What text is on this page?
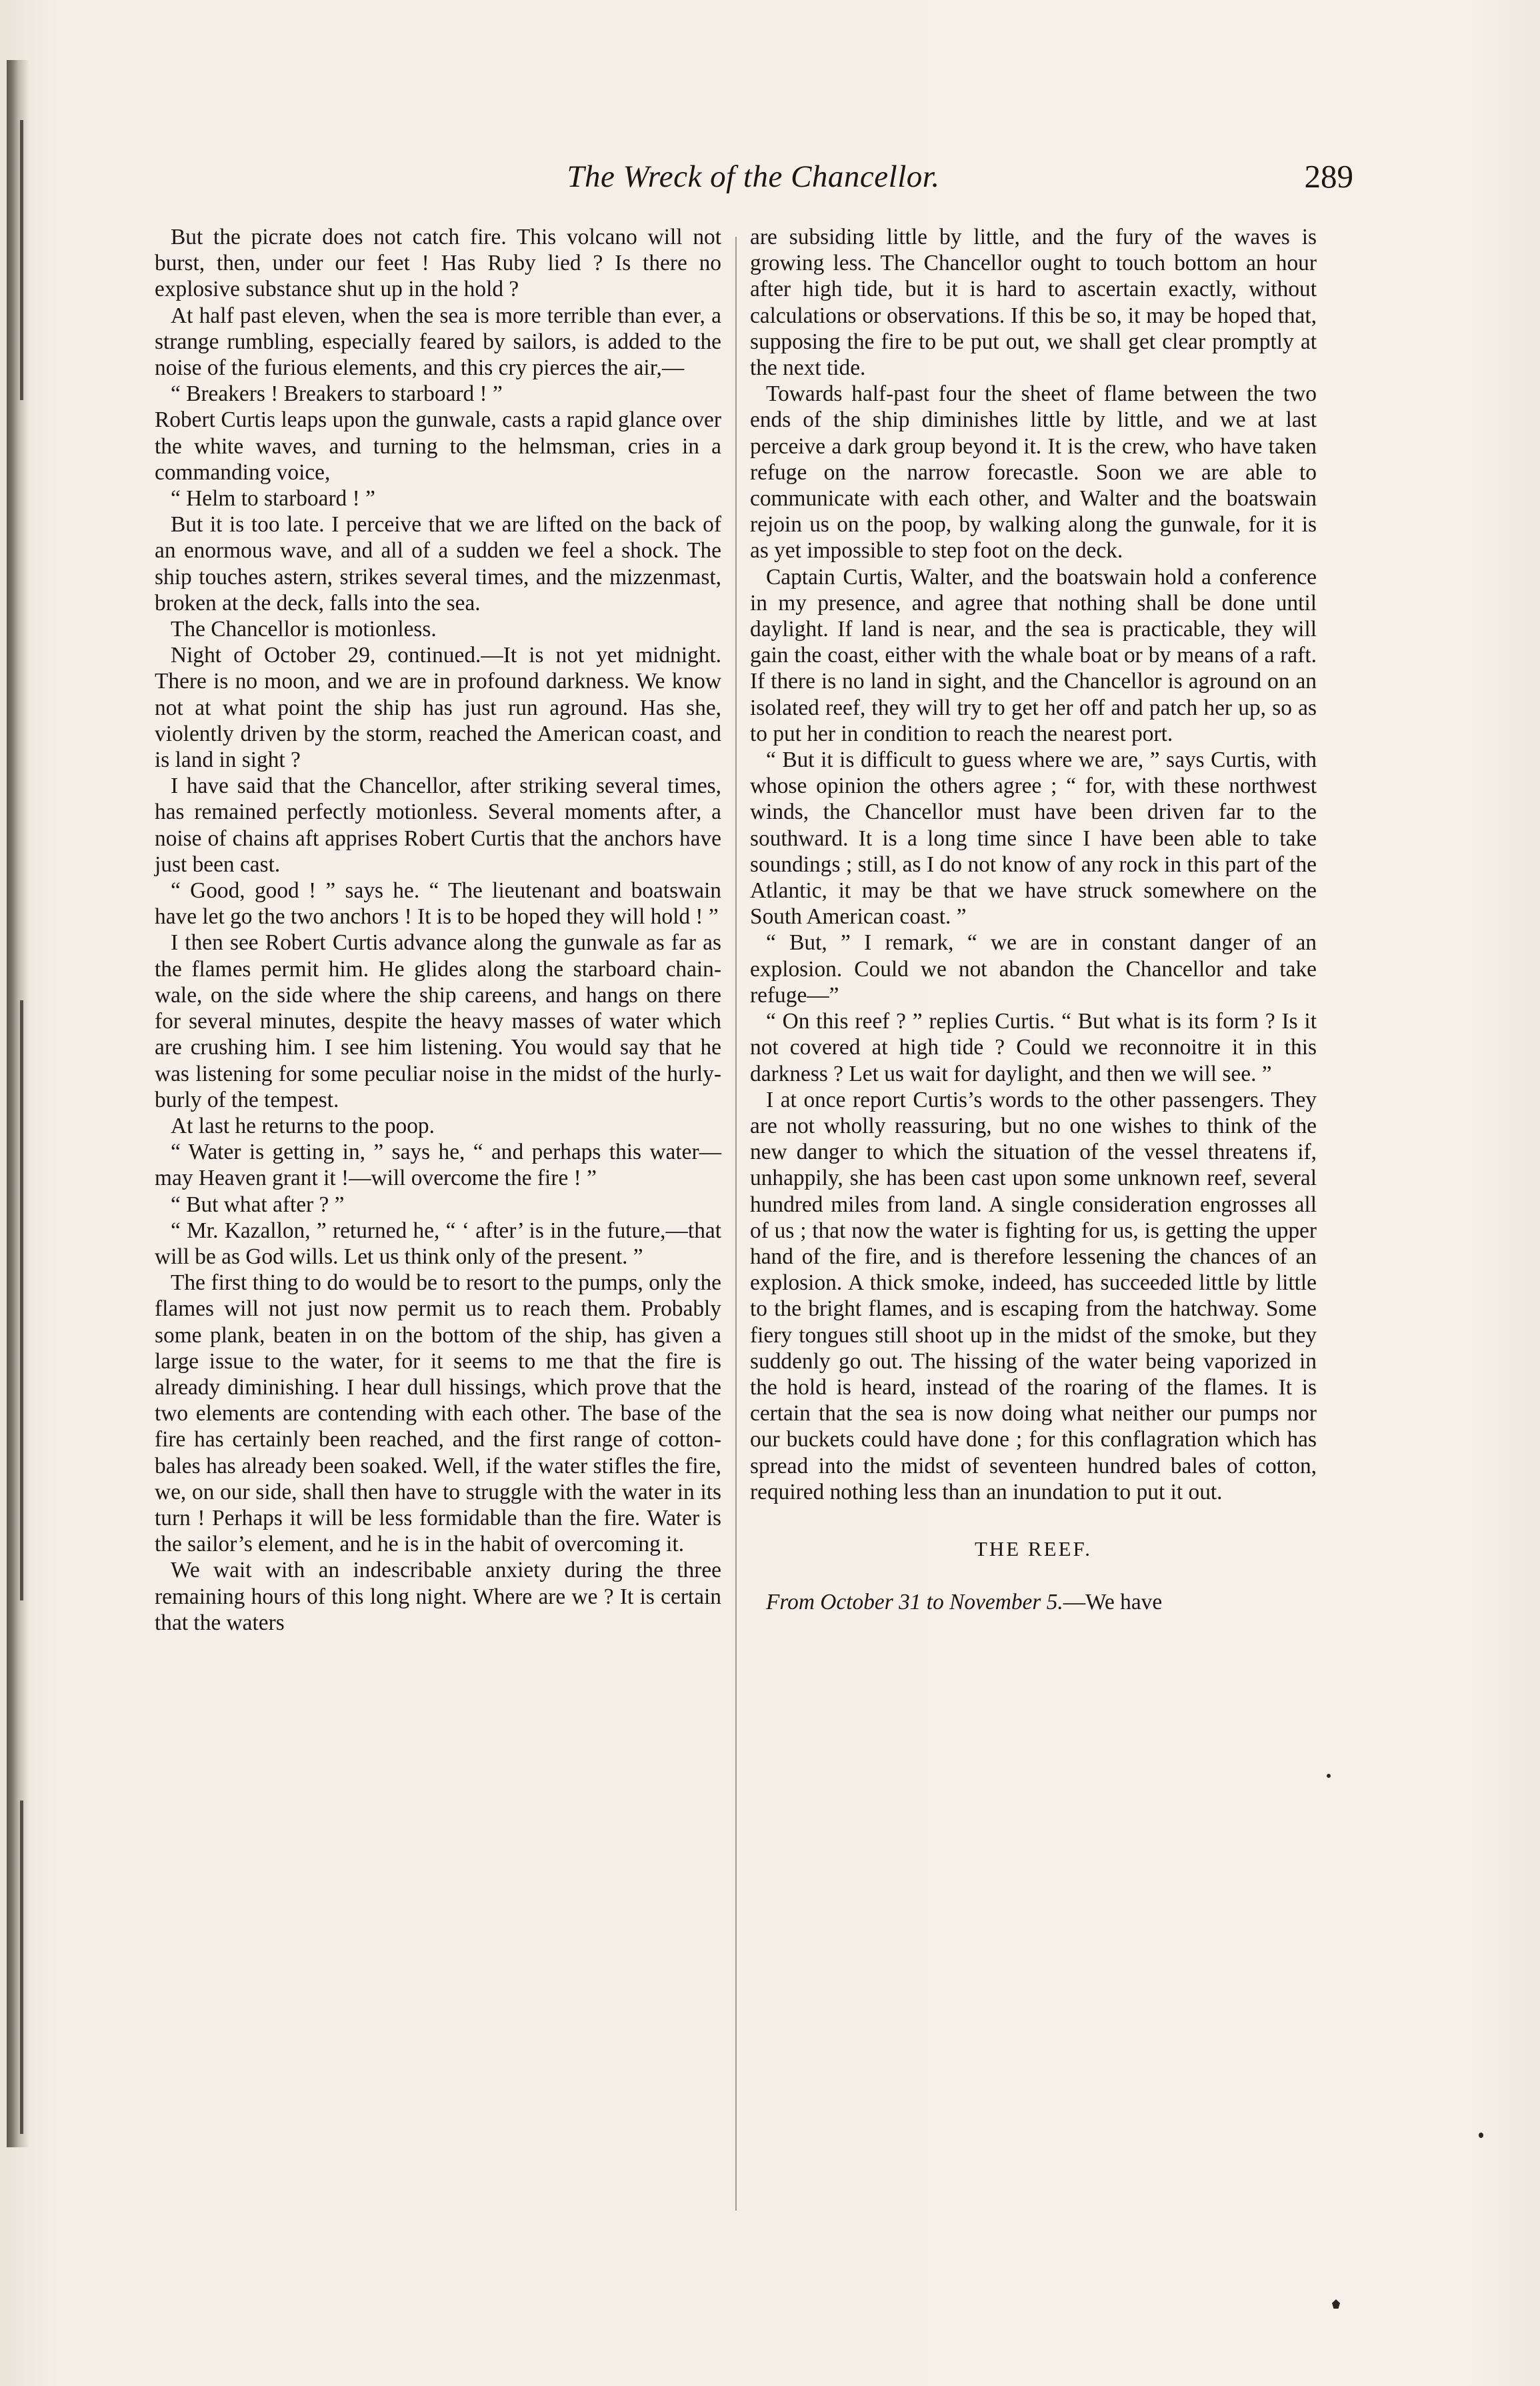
The Wreck of the Chancellor.	289

But the picrate does not catch fire. This volcano will not burst, then, under our feet ! Has Ruby lied ? Is there no explosive substance shut up in the hold ?

At half past eleven, when the sea is more terrible than ever, a strange rumbling, especially feared by sailors, is added to the noise of the furious elements, and this cry pierces the air,—

“ Breakers ! Breakers to starboard ! ”

Robert Curtis leaps upon the gunwale, casts a rapid glance over the white waves, and turning to the helmsman, cries in a commanding voice,

“ Helm to starboard ! ”

But it is too late. I perceive that we are lifted on the back of an enormous wave, and all of a sudden we feel a shock. The ship touches astern, strikes several times, and the mizzenmast, broken at the deck, falls into the sea.

The Chancellor is motionless.

Night of October 29, continued.—It is not yet midnight. There is no moon, and we are in profound darkness. We know not at what point the ship has just run aground. Has she, violently driven by the storm, reached the American coast, and is land in sight ?

I have said that the Chancellor, after striking several times, has remained perfectly motionless. Several moments after, a noise of chains aft apprises Robert Curtis that the anchors have just been cast.

“ Good, good ! ” says he. “ The lieutenant and boatswain have let go the two anchors ! It is to be hoped they will hold ! ”

I then see Robert Curtis advance along the gunwale as far as the flames permit him. He glides along the starboard chain-wale, on the side where the ship careens, and hangs on there for several minutes, despite the heavy masses of water which are crushing him. I see him listening. You would say that he was listening for some peculiar noise in the midst of the hurly-burly of the tempest.

At last he returns to the poop.

“ Water is getting in, ” says he, “ and perhaps this water—may Heaven grant it !—will overcome the fire ! ”

“ But what after ? ”

“ Mr. Kazallon, ” returned he, “ ‘ after’ is in the future,—that will be as God wills. Let us think only of the present. ”

The first thing to do would be to resort to the pumps, only the flames will not just now permit us to reach them. Probably some plank, beaten in on the bottom of the ship, has given a large issue to the water, for it seems to me that the fire is already diminishing. I hear dull hissings, which prove that the two elements are contending with each other. The base of the fire has certainly been reached, and the first range of cotton-bales has already been soaked. Well, if the water stifles the fire, we, on our side, shall then have to struggle with the water in its turn ! Perhaps it will be less formidable than the fire. Water is the sailor’s element, and he is in the habit of overcoming it.

We wait with an indescribable anxiety during the three remaining hours of this long night. Where are we ? It is certain that the waters

are subsiding little by little, and the fury of the waves is growing less. The Chancellor ought to touch bottom an hour after high tide, but it is hard to ascertain exactly, without calculations or observations. If this be so, it may be hoped that, supposing the fire to be put out, we shall get clear promptly at the next tide.

Towards half-past four the sheet of flame between the two ends of the ship diminishes little by little, and we at last perceive a dark group beyond it. It is the crew, who have taken refuge on the narrow forecastle. Soon we are able to communicate with each other, and Walter and the boatswain rejoin us on the poop, by walking along the gunwale, for it is as yet impossible to step foot on the deck.

Captain Curtis, Walter, and the boatswain hold a conference in my presence, and agree that nothing shall be done until daylight. If land is near, and the sea is practicable, they will gain the coast, either with the whale boat or by means of a raft. If there is no land in sight, and the Chancellor is aground on an isolated reef, they will try to get her off and patch her up, so as to put her in condition to reach the nearest port.

“ But it is difficult to guess where we are, ” says Curtis, with whose opinion the others agree ; “ for, with these northwest winds, the Chancellor must have been driven far to the southward. It is a long time since I have been able to take soundings ; still, as I do not know of any rock in this part of the Atlantic, it may be that we have struck somewhere on the South American coast. ”

“ But, ” I remark, “ we are in constant danger of an explosion. Could we not abandon the Chancellor and take refuge—”

“ On this reef ? ” replies Curtis. “ But what is its form ? Is it not covered at high tide ? Could we reconnoitre it in this darkness ? Let us wait for daylight, and then we will see. ”

I at once report Curtis’s words to the other passengers. They are not wholly reassuring, but no one wishes to think of the new danger to which the situation of the vessel threatens if, unhappily, she has been cast upon some unknown reef, several hundred miles from land. A single consideration engrosses all of us ; that now the water is fighting for us, is getting the upper hand of the fire, and is therefore lessening the chances of an explosion. A thick smoke, indeed, has succeeded little by little to the bright flames, and is escaping from the hatchway. Some fiery tongues still shoot up in the midst of the smoke, but they suddenly go out. The hissing of the water being vaporized in the hold is heard, instead of the roaring of the flames. It is certain that the sea is now doing what neither our pumps nor our buckets could have done ; for this conflagration which has spread into the midst of seventeen hundred bales of cotton, required nothing less than an inundation to put it out.

THE REEF.

From October 31 to November 5.—We have
